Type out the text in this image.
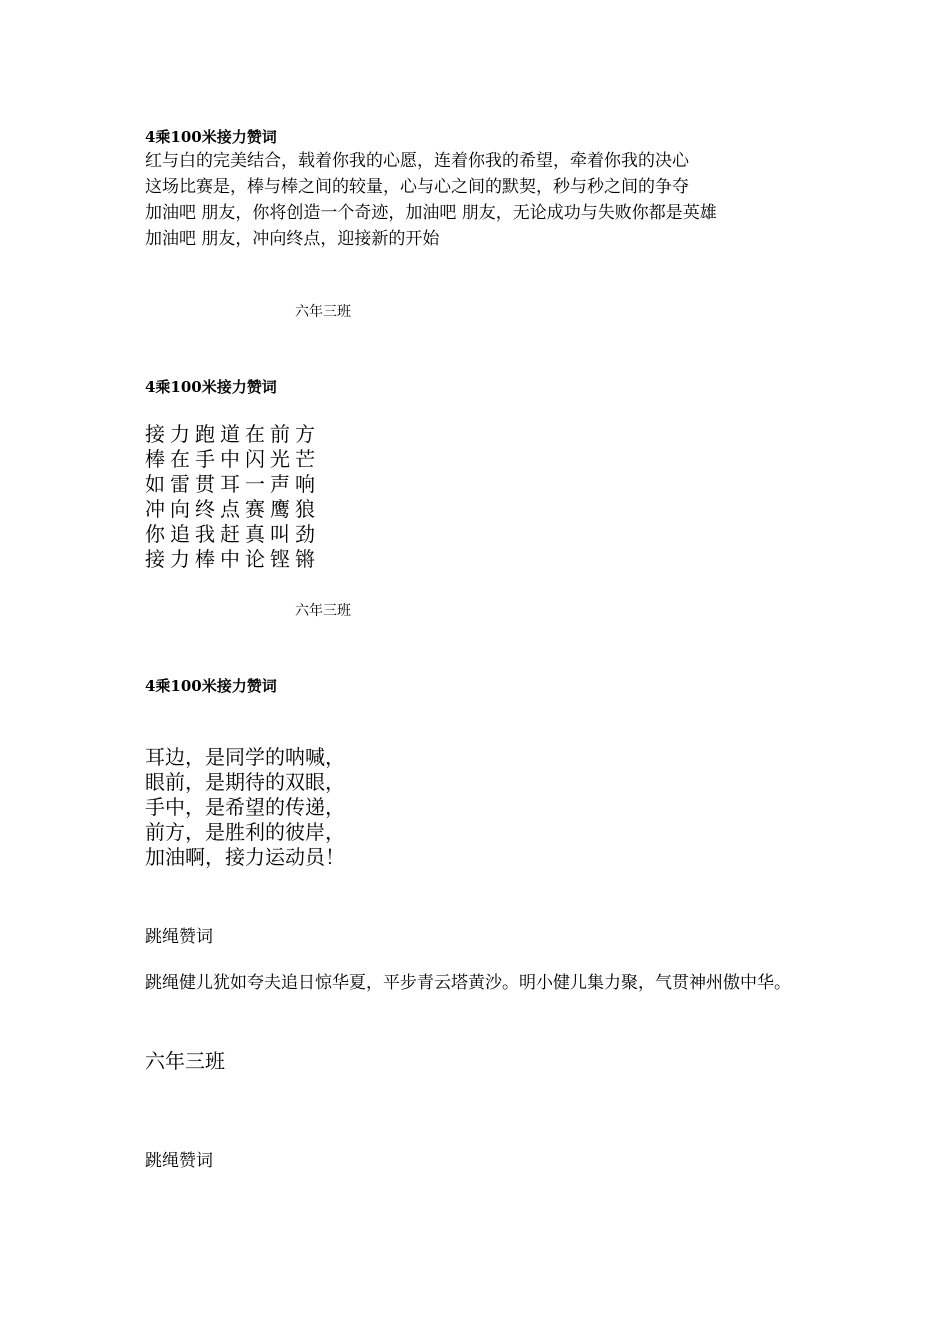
4乘100米接力赞词
红与白的完美结合，载着你我的心愿，连着你我的希望，牵着你我的决心
这场比赛是，棒与棒之间的较量，心与心之间的默契，秒与秒之间的争夺
加油吧 朋友，你将创造一个奇迹，加油吧 朋友，无论成功与失败你都是英雄
加油吧 朋友，冲向终点，迎接新的开始
六年三班
4乘100米接力赞词
接力跑道在前方
棒在手中闪光芒
如雷贯耳一声响
冲向终点赛鹰狼
你追我赶真叫劲
接力棒中论铿锵
六年三班
4乘100米接力赞词
耳边，是同学的呐喊，
眼前，是期待的双眼，
手中，是希望的传递，
前方，是胜利的彼岸，
加油啊，接力运动员！
跳绳赞词
跳绳健儿犹如夸夫追日惊华夏，平步青云塔黄沙。明小健儿集力聚，气贯神州傲中华。
六年三班
跳绳赞词
